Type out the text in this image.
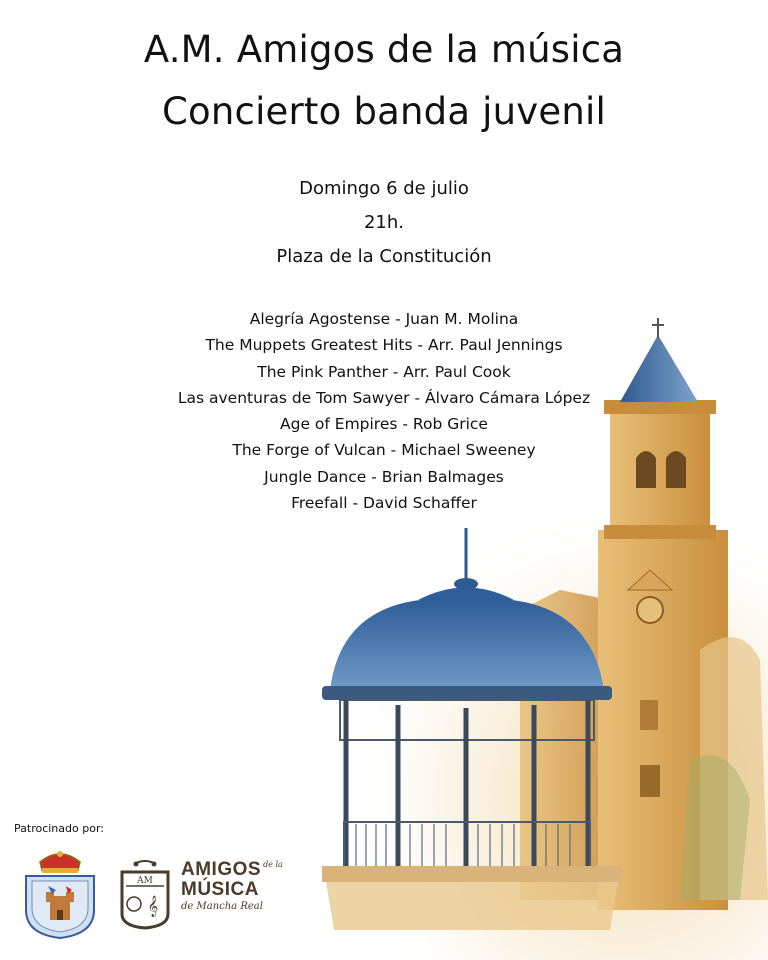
A.M. Amigos de la música
Concierto banda juvenil
Domingo 6 de julio
21h.
Plaza de la Constitución
Alegría Agostense - Juan M. Molina
The Muppets Greatest Hits - Arr. Paul Jennings
The Pink Panther - Arr. Paul Cook
Las aventuras de Tom Sawyer - Álvaro Cámara López
Age of Empires - Rob Grice
The Forge of Vulcan - Michael Sweeney
Jungle Dance - Brian Balmages
Freefall - David Schaffer
Patrocinado por:
AM
𝄞
AMIGOS $^{de la}$
MÚSICA
de Mancha Real
